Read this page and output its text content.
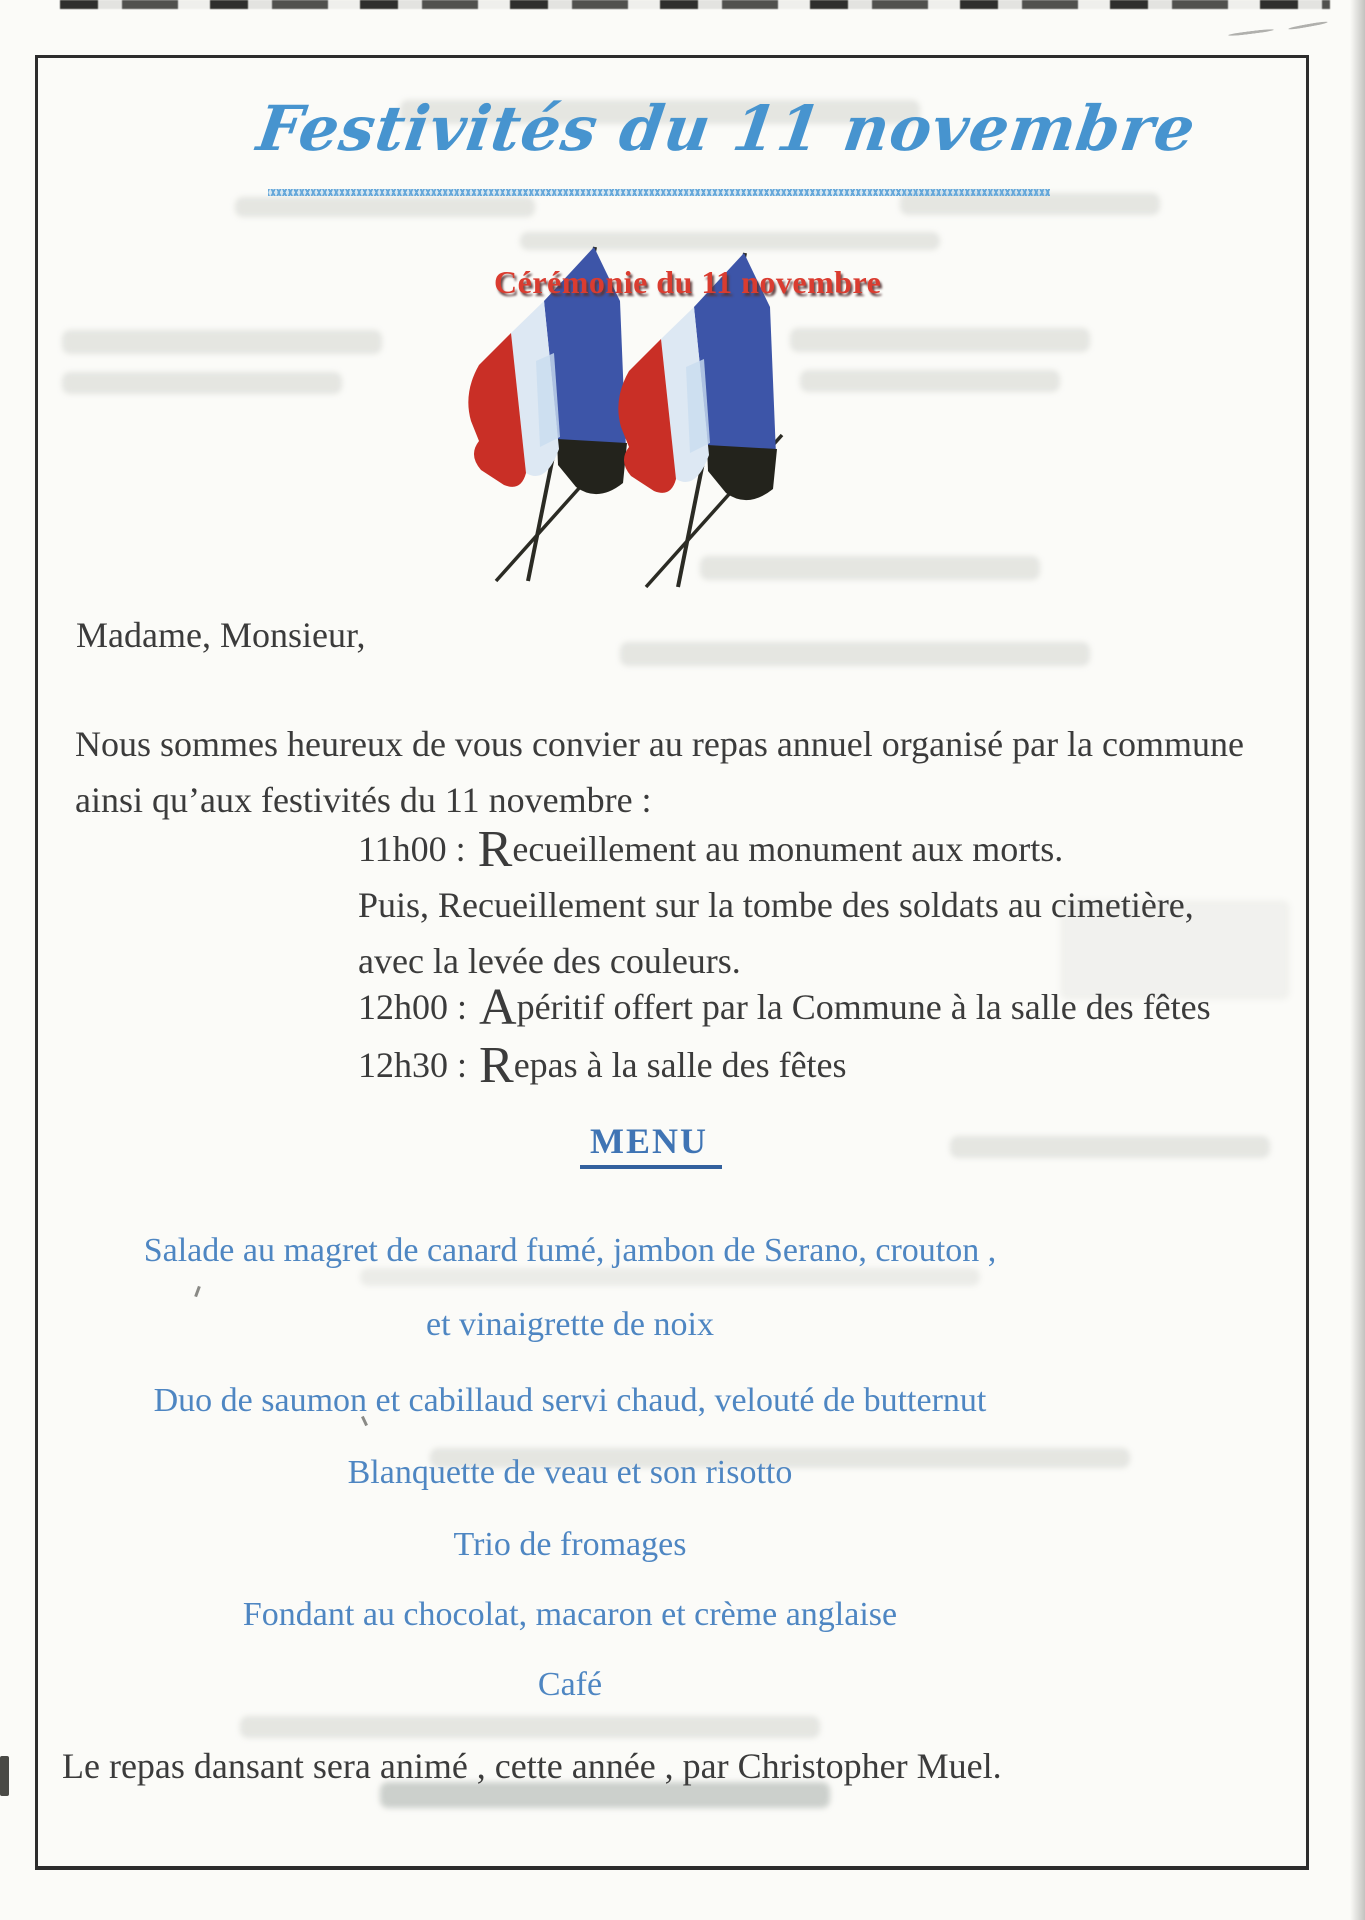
Festivités du 11 novembre
Cérémonie du 11 novembre
Madame, Monsieur,
Nous sommes heureux de vous convier au repas annuel organisé par la commune
ainsi qu’aux festivités du 11 novembre :
11h00 : Recueillement au monument aux morts.
Puis, Recueillement sur la tombe des soldats au cimetière,
avec la levée des couleurs.
12h00 : Apéritif offert par la Commune à la salle des fêtes
12h30 : Repas à la salle des fêtes
MENU
Salade au magret de canard fumé, jambon de Serano, crouton ,
et vinaigrette de noix
Duo de saumon et cabillaud servi chaud, velouté de butternut
Blanquette de veau et son risotto
Trio de fromages
Fondant au chocolat, macaron et crème anglaise
Café
Le repas dansant sera animé , cette année , par Christopher Muel.
